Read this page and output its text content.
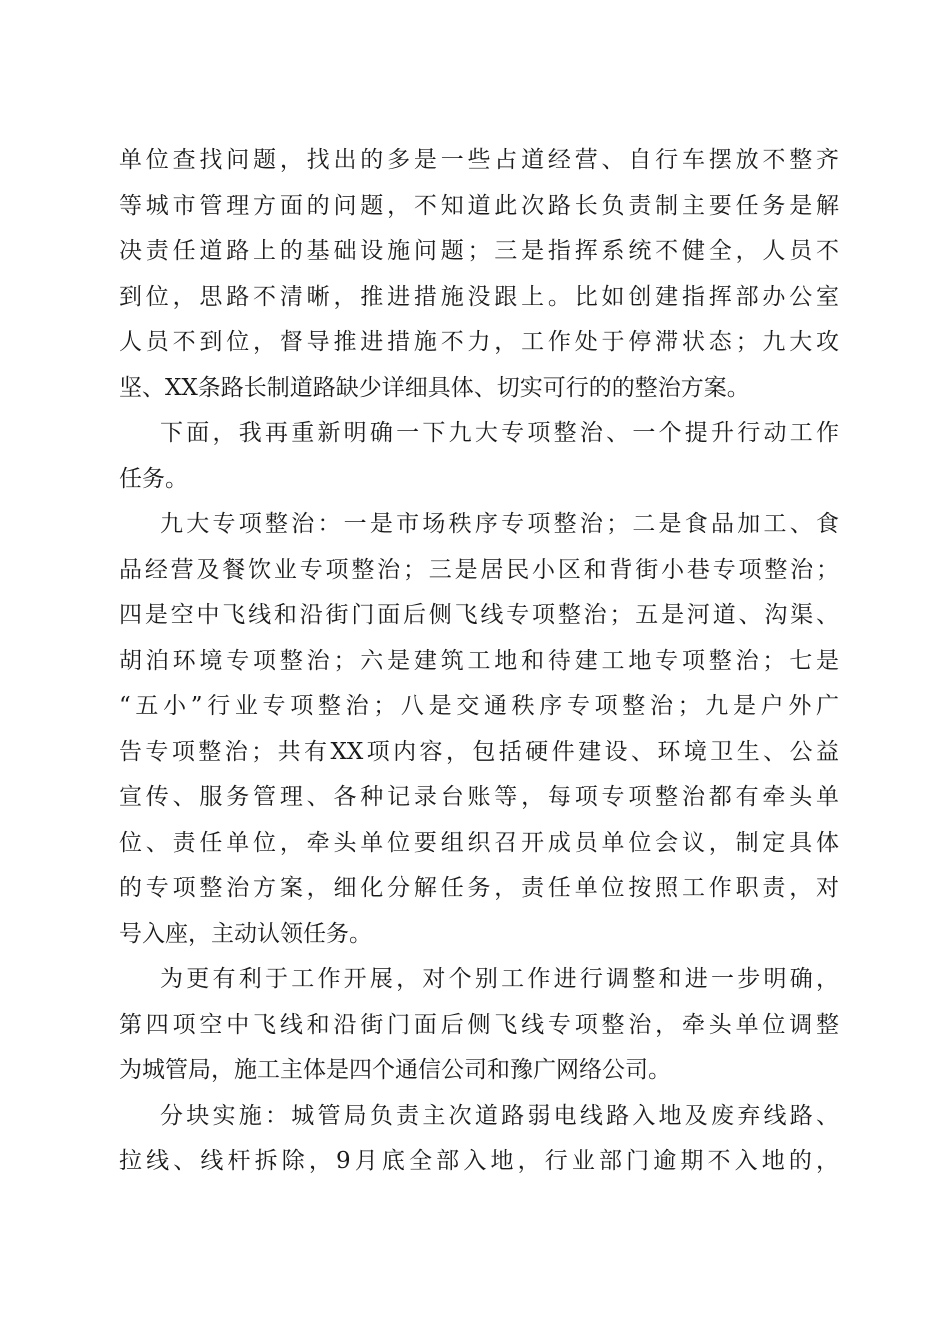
单位查找问题，找出的多是一些占道经营、自行车摆放不整齐
等城市管理方面的问题，不知道此次路长负责制主要任务是解
决责任道路上的基础设施问题；三是指挥系统不健全，人员不
到位，思路不清晰，推进措施没跟上。比如创建指挥部办公室
人员不到位，督导推进措施不力，工作处于停滞状态；九大攻
坚、XX条路长制道路缺少详细具体、切实可行的的整治方案。
下面，我再重新明确一下九大专项整治、一个提升行动工作
任务。
九大专项整治：一是市场秩序专项整治；二是食品加工、食
品经营及餐饮业专项整治；三是居民小区和背街小巷专项整治；
四是空中飞线和沿街门面后侧飞线专项整治；五是河道、沟渠、
胡泊环境专项整治；六是建筑工地和待建工地专项整治；七是
“五小”行业专项整治；八是交通秩序专项整治；九是户外广
告专项整治；共有XX项内容，包括硬件建设、环境卫生、公益
宣传、服务管理、各种记录台账等，每项专项整治都有牵头单
位、责任单位，牵头单位要组织召开成员单位会议，制定具体
的专项整治方案，细化分解任务，责任单位按照工作职责，对
号入座，主动认领任务。
为更有利于工作开展，对个别工作进行调整和进一步明确，
第四项空中飞线和沿街门面后侧飞线专项整治，牵头单位调整
为城管局，施工主体是四个通信公司和豫广网络公司。
分块实施：城管局负责主次道路弱电线路入地及废弃线路、
拉线、线杆拆除，9月底全部入地，行业部门逾期不入地的，
